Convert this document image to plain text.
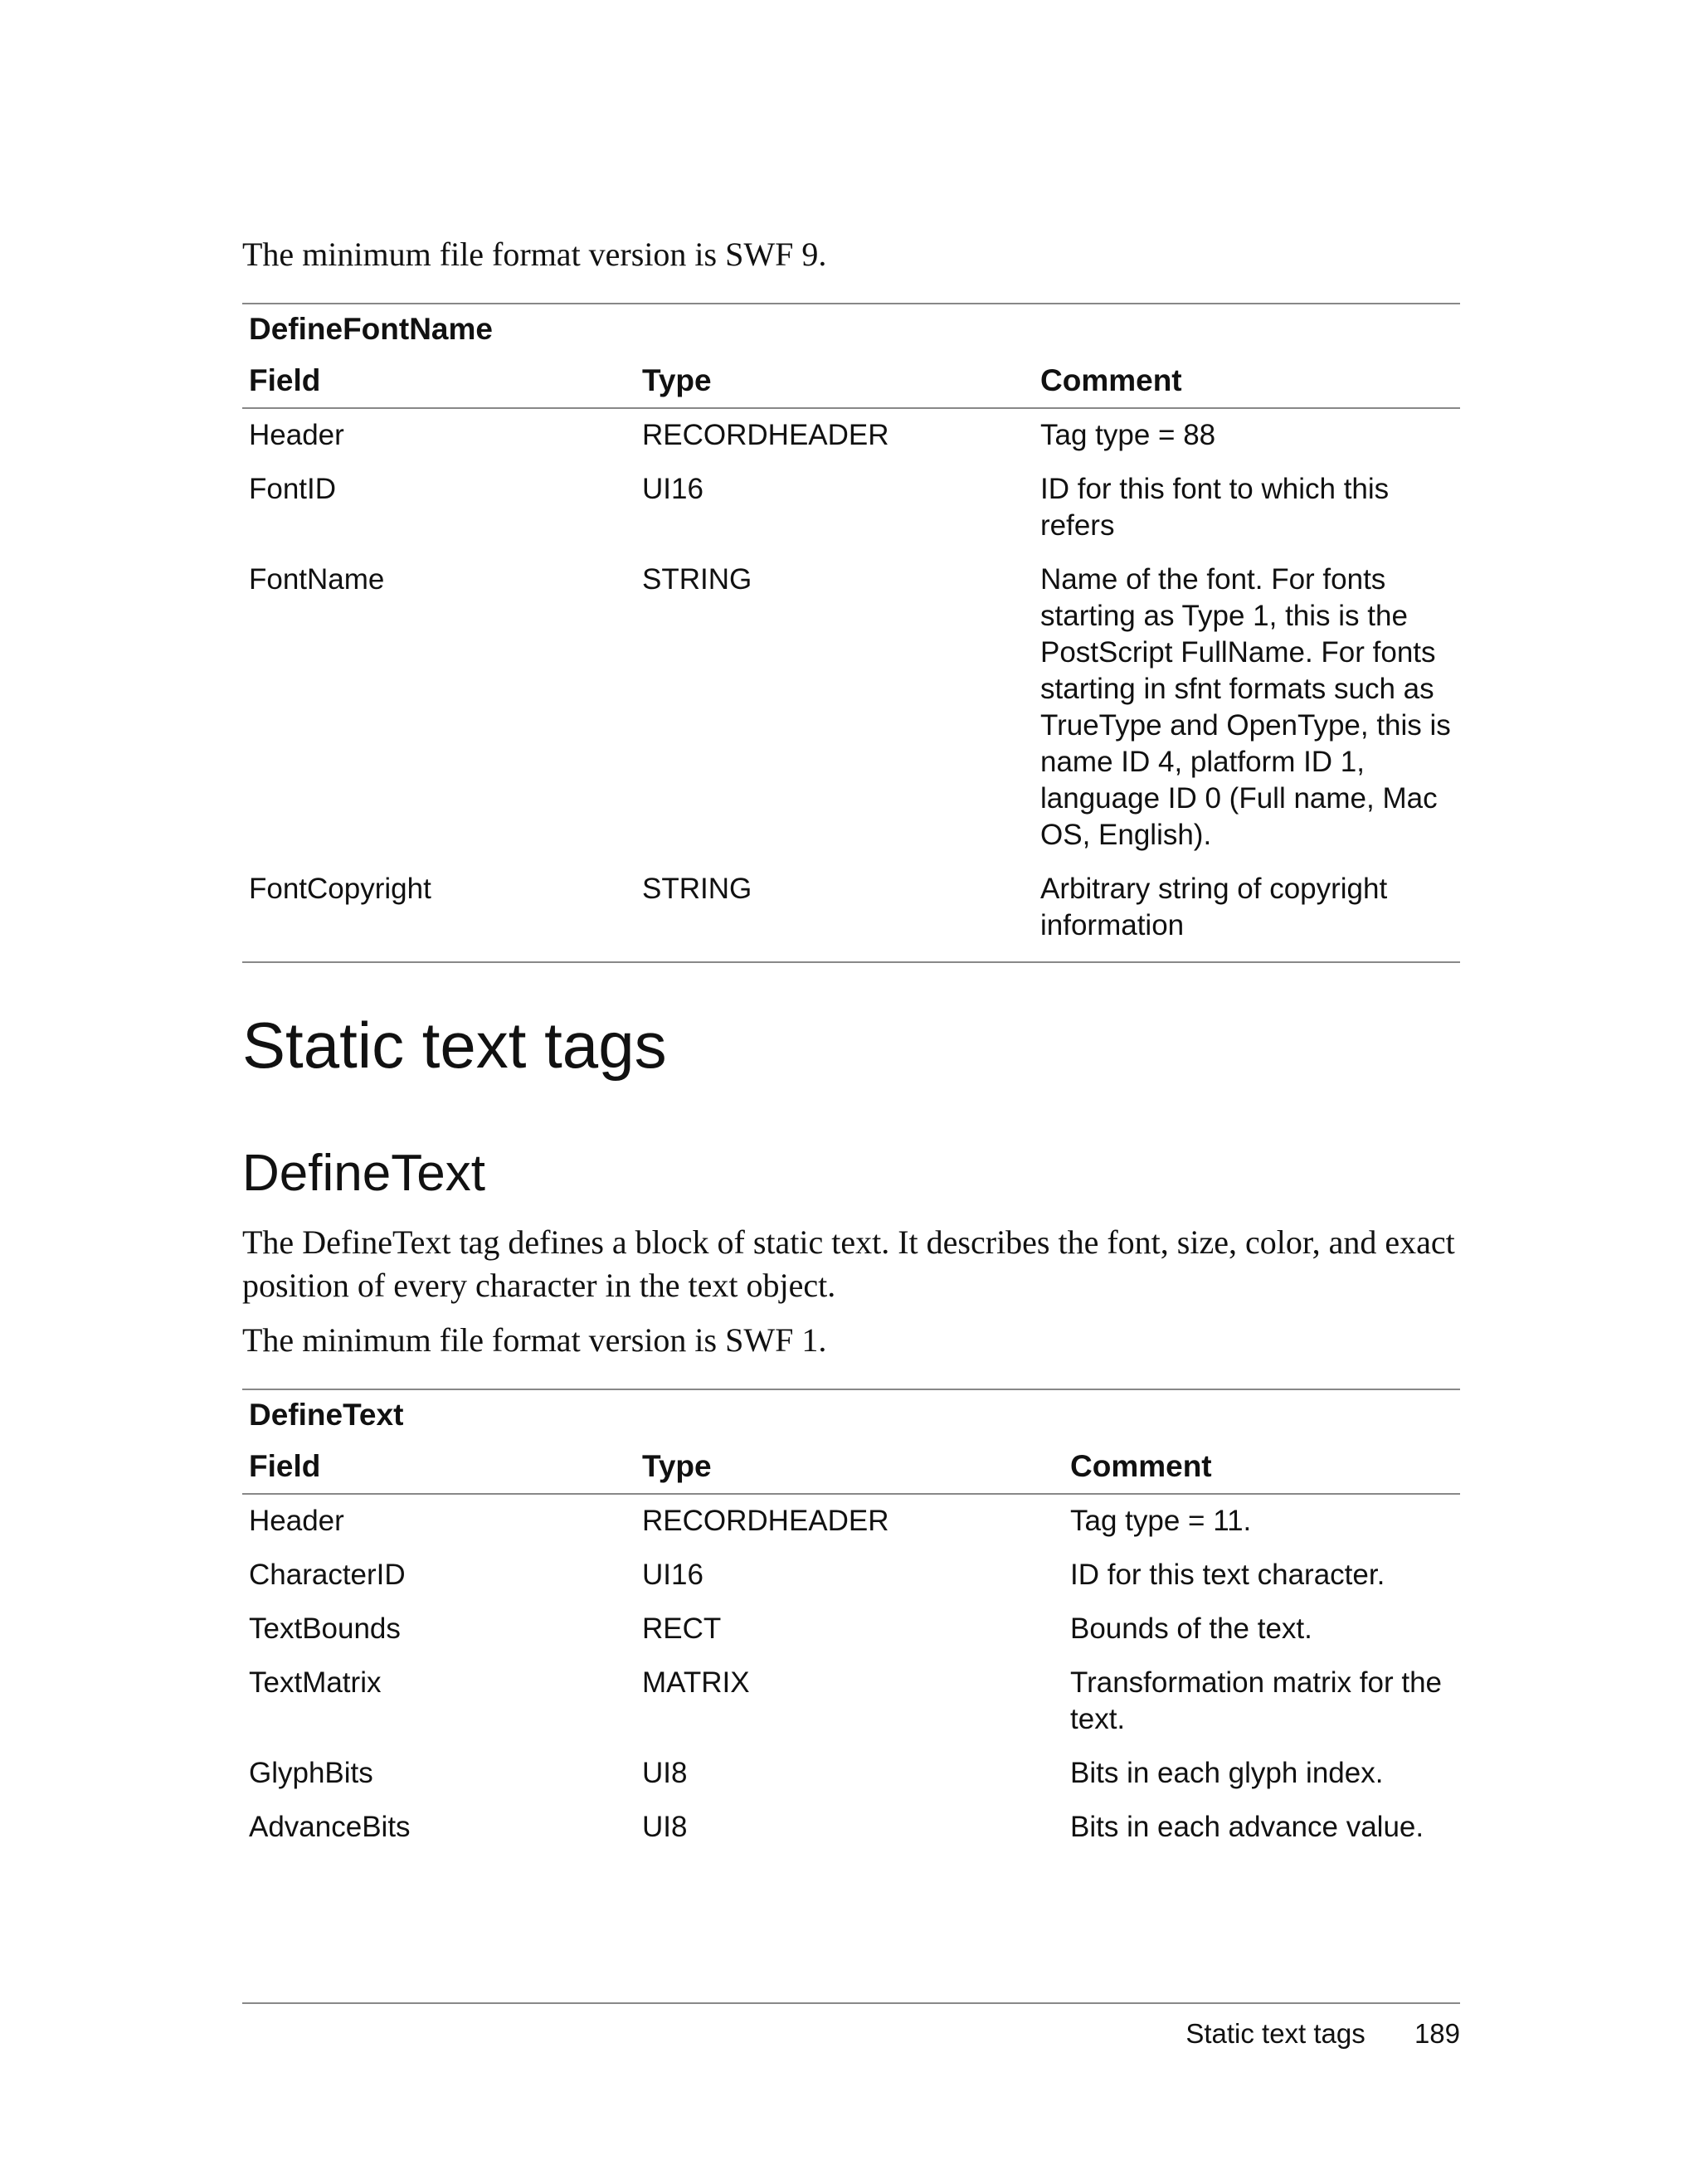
The minimum file format version is SWF 9.

DefineFontName		
Field	Type	Comment
Header	RECORDHEADER	Tag type = 88
FontID	UI16	ID for this font to which this refers
FontName	STRING	Name of the font. For fonts starting as Type 1, this is the PostScript FullName. For fonts starting in sfnt formats such as TrueType and OpenType, this is name ID 4, platform ID 1, language ID 0 (Full name, Mac OS, English).
FontCopyright	STRING	Arbitrary string of copyright information
Static text tags
DefineText

The DefineText tag defines a block of static text. It describes the font, size, color, and exact position of every character in the text object.

The minimum file format version is SWF 1.

DefineText		
Field	Type	Comment
Header	RECORDHEADER	Tag type = 11.
CharacterID	UI16	ID for this text character.
TextBounds	RECT	Bounds of the text.
TextMatrix	MATRIX	Transformation matrix for the text.
GlyphBits	UI8	Bits in each glyph index.
AdvanceBits	UI8	Bits in each advance value.
Static text tags 189
